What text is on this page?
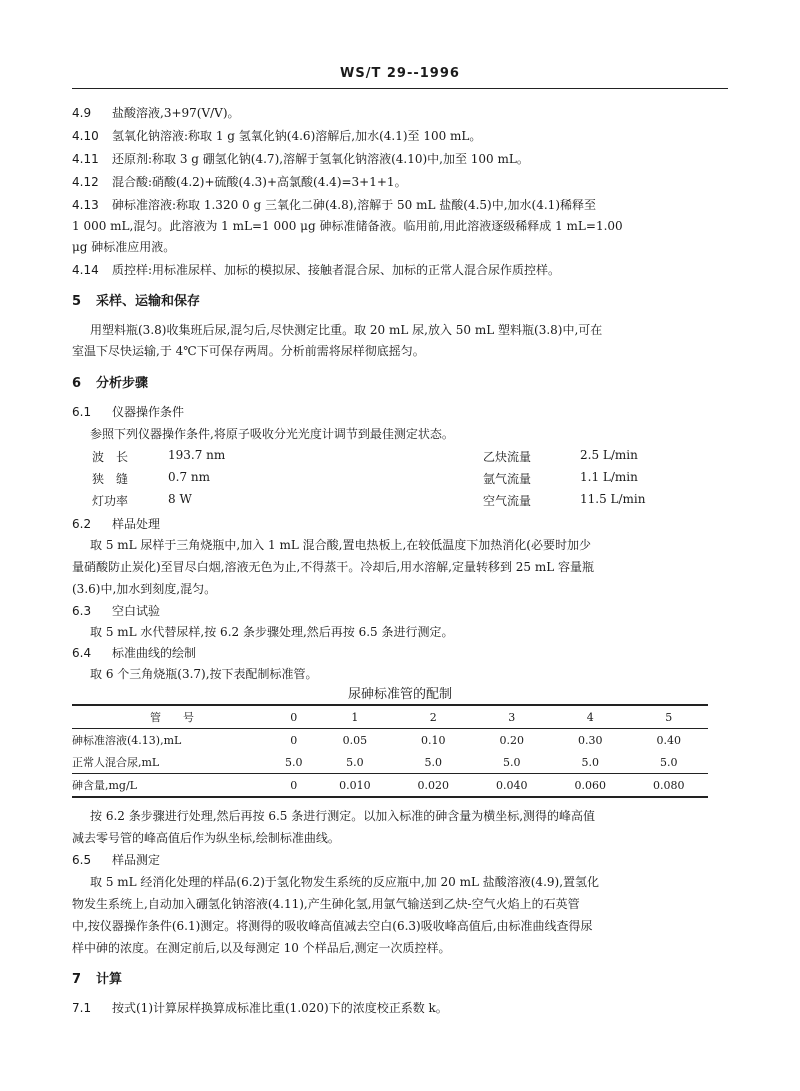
WS/T 29--1996
4.9 盐酸溶液,3+97(V/V)。
4.10 氢氧化钠溶液:称取 1 g 氢氧化钠(4.6)溶解后,加水(4.1)至 100 mL。
4.11 还原剂:称取 3 g 硼氢化钠(4.7),溶解于氢氧化钠溶液(4.10)中,加至 100 mL。
4.12 混合酸:硝酸(4.2)+硫酸(4.3)+高氯酸(4.4)=3+1+1。
4.13 砷标准溶液:称取 1.320 0 g 三氧化二砷(4.8),溶解于 50 mL 盐酸(4.5)中,加水(4.1)稀释至
1 000 mL,混匀。此溶液为 1 mL=1 000 μg 砷标准储备液。临用前,用此溶液逐级稀释成 1 mL=1.00
μg 砷标准应用液。
4.14 质控样:用标准尿样、加标的模拟尿、接触者混合尿、加标的正常人混合尿作质控样。
5 采样、运输和保存
用塑料瓶(3.8)收集班后尿,混匀后,尽快测定比重。取 20 mL 尿,放入 50 mL 塑料瓶(3.8)中,可在
室温下尽快运输,于 4℃下可保存两周。分析前需将尿样彻底摇匀。
6 分析步骤
6.1 仪器操作条件
参照下列仪器操作条件,将原子吸收分光光度计调节到最佳测定状态。
波　长	193.7 nm	乙炔流量	2.5 L/min
狭　缝	0.7 nm	氩气流量	1.1 L/min
灯功率	8 W	空气流量	11.5 L/min
6.2 样品处理
取 5 mL 尿样于三角烧瓶中,加入 1 mL 混合酸,置电热板上,在较低温度下加热消化(必要时加少
量硝酸防止炭化)至冒尽白烟,溶液无色为止,不得蒸干。冷却后,用水溶解,定量转移到 25 mL 容量瓶
(3.6)中,加水到刻度,混匀。
6.3 空白试验
取 5 mL 水代替尿样,按 6.2 条步骤处理,然后再按 6.5 条进行测定。
6.4 标准曲线的绘制
取 6 个三角烧瓶(3.7),按下表配制标准管。
尿砷标准管的配制
管　　号	0	1	2	3	4	5
砷标准溶液(4.13),mL	0	0.05	0.10	0.20	0.30	0.40
正常人混合尿,mL	5.0	5.0	5.0	5.0	5.0	5.0
砷含量,mg/L	0	0.010	0.020	0.040	0.060	0.080
按 6.2 条步骤进行处理,然后再按 6.5 条进行测定。以加入标准的砷含量为横坐标,测得的峰高值
减去零号管的峰高值后作为纵坐标,绘制标准曲线。
6.5 样品测定
取 5 mL 经消化处理的样品(6.2)于氢化物发生系统的反应瓶中,加 20 mL 盐酸溶液(4.9),置氢化
物发生系统上,自动加入硼氢化钠溶液(4.11),产生砷化氢,用氩气输送到乙炔-空气火焰上的石英管
中,按仪器操作条件(6.1)测定。将测得的吸收峰高值减去空白(6.3)吸收峰高值后,由标准曲线查得尿
样中砷的浓度。在测定前后,以及每测定 10 个样品后,测定一次质控样。
7 计算
7.1 按式(1)计算尿样换算成标准比重(1.020)下的浓度校正系数 k。
